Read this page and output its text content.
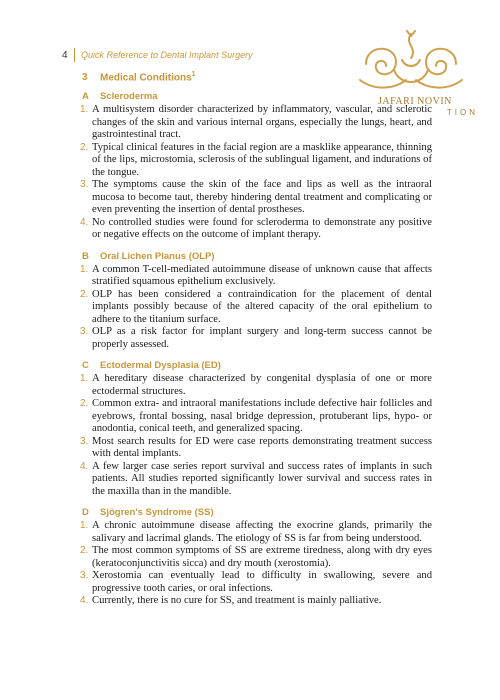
4	Quick Reference to Dental Implant Surgery
JAFARI NOVIN
TION
3 Medical Conditions$^1$
A Scleroderma
1. A multisystem disorder characterized by inflammatory, vascular, and sclerotic changes of the skin and various internal organs, especially the lungs, heart, and gastrointestinal tract.
2. Typical clinical features in the facial region are a masklike appearance, thinning of the lips, microstomia, sclerosis of the sublingual ligament, and indurations of the tongue.
3. The symptoms cause the skin of the face and lips as well as the intraoral mucosa to become taut, thereby hindering dental treatment and complicating or even preventing the insertion of dental prostheses.
4. No controlled studies were found for scleroderma to demonstrate any positive or negative effects on the outcome of implant therapy.
B Oral Lichen Planus (OLP)
1. A common T-cell-mediated autoimmune disease of unknown cause that affects stratified squamous epithelium exclusively.
2. OLP has been considered a contraindication for the placement of dental implants possibly because of the altered capacity of the oral epithelium to adhere to the titanium surface.
3. OLP as a risk factor for implant surgery and long-term success cannot be properly assessed.
C Ectodermal Dysplasia (ED)
1. A hereditary disease characterized by congenital dysplasia of one or more ectodermal structures.
2. Common extra- and intraoral manifestations include defective hair follicles and eyebrows, frontal bossing, nasal bridge depression, protuberant lips, hypo- or anodontia, conical teeth, and generalized spacing.
3. Most search results for ED were case reports demonstrating treatment success with dental implants.
4. A few larger case series report survival and success rates of implants in such patients. All studies reported significantly lower survival and success rates in the maxilla than in the mandible.
D Sjögren's Syndrome (SS)
1. A chronic autoimmune disease affecting the exocrine glands, primarily the salivary and lacrimal glands. The etiology of SS is far from being understood.
2. The most common symptoms of SS are extreme tiredness, along with dry eyes (keratoconjunctivitis sicca) and dry mouth (xerostomia).
3. Xerostomia can eventually lead to difficulty in swallowing, severe and progressive tooth caries, or oral infections.
4. Currently, there is no cure for SS, and treatment is mainly palliative.
